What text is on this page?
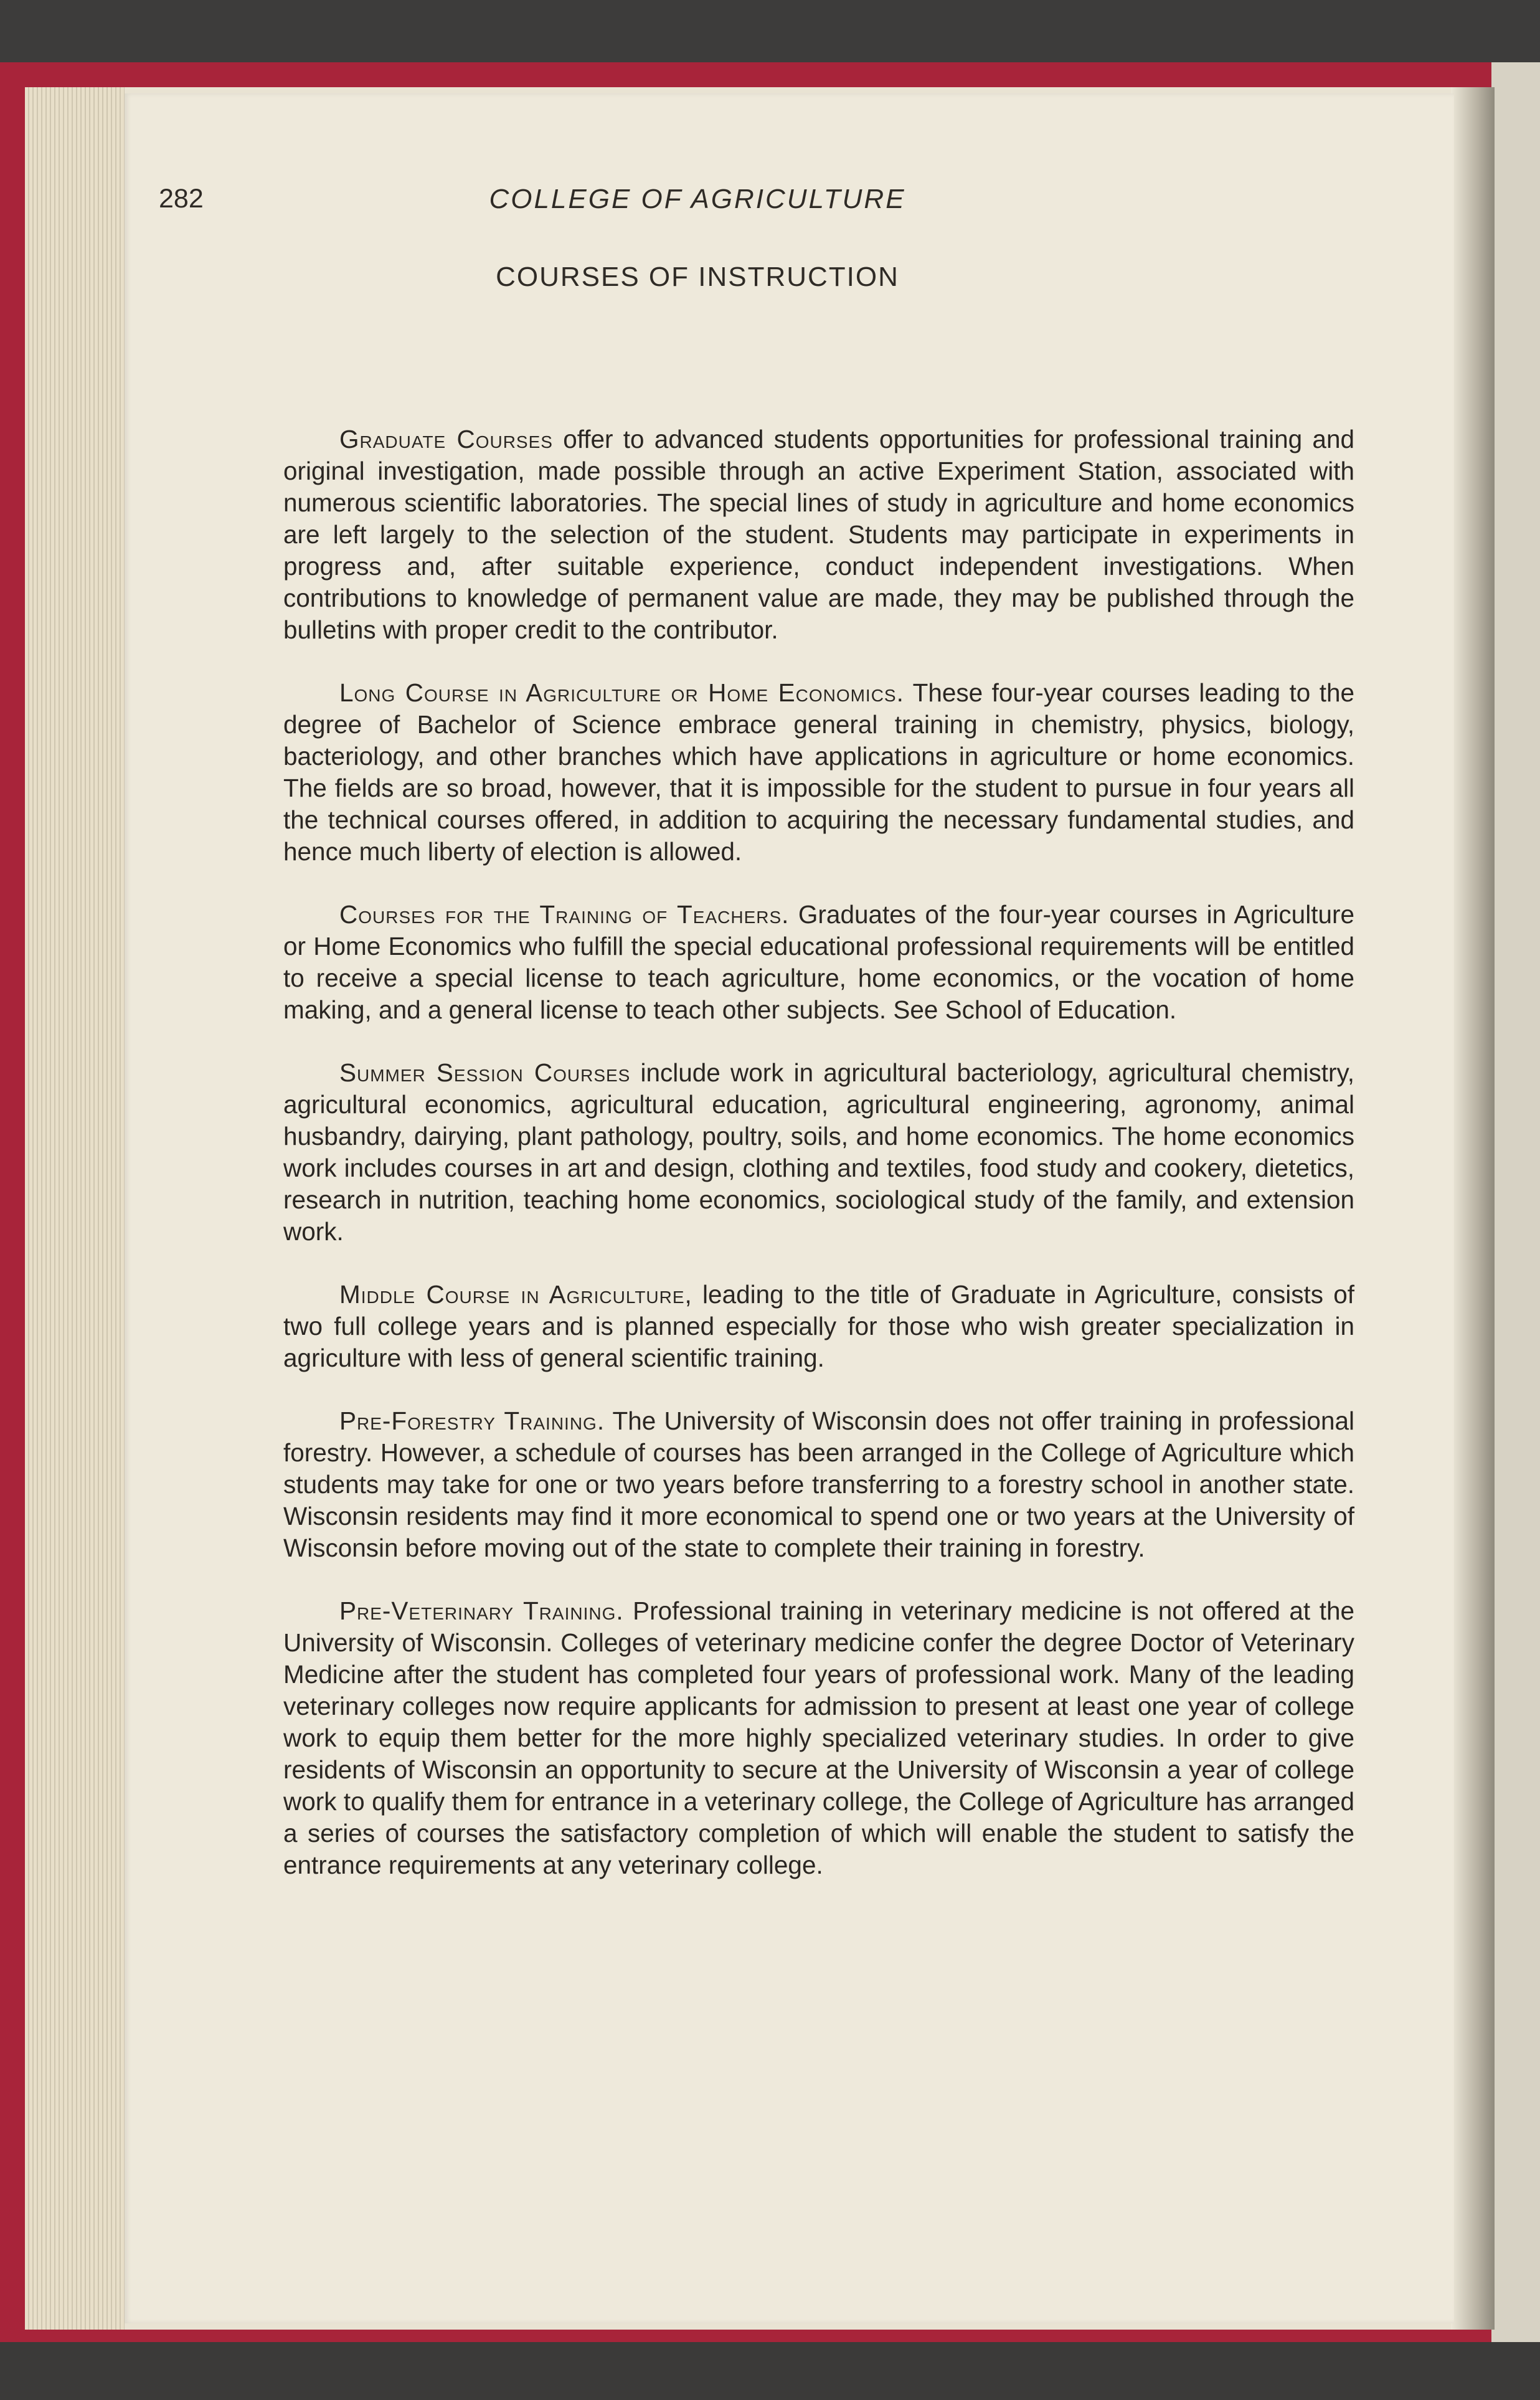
282	COLLEGE OF AGRICULTURE
COURSES OF INSTRUCTION

Graduate Courses offer to advanced students opportunities for professional training and original investigation, made possible through an active Experiment Station, associated with numerous scientific laboratories. The special lines of study in agriculture and home economics are left largely to the selection of the student. Students may participate in experiments in progress and, after suitable experience, conduct independent investigations. When contributions to knowledge of permanent value are made, they may be published through the bulletins with proper credit to the contributor.

Long Course in Agriculture or Home Economics. These four-year courses leading to the degree of Bachelor of Science embrace general training in chemistry, physics, biology, bacteriology, and other branches which have applications in agriculture or home economics. The fields are so broad, however, that it is impossible for the student to pursue in four years all the technical courses offered, in addition to acquiring the necessary fundamental studies, and hence much liberty of election is allowed.

Courses for the Training of Teachers. Graduates of the four-year courses in Agriculture or Home Economics who fulfill the special educational professional requirements will be entitled to receive a special license to teach agriculture, home economics, or the vocation of home making, and a general license to teach other subjects. See School of Education.

Summer Session Courses include work in agricultural bacteriology, agricultural chemistry, agricultural economics, agricultural education, agricultural engineering, agronomy, animal husbandry, dairying, plant pathology, poultry, soils, and home economics. The home economics work includes courses in art and design, clothing and textiles, food study and cookery, dietetics, research in nutrition, teaching home economics, sociological study of the family, and extension work.

Middle Course in Agriculture, leading to the title of Graduate in Agriculture, consists of two full college years and is planned especially for those who wish greater specialization in agriculture with less of general scientific training.

Pre-Forestry Training. The University of Wisconsin does not offer training in professional forestry. However, a schedule of courses has been arranged in the College of Agriculture which students may take for one or two years before transferring to a forestry school in another state. Wisconsin residents may find it more economical to spend one or two years at the University of Wisconsin before moving out of the state to complete their training in forestry.

Pre-Veterinary Training. Professional training in veterinary medicine is not offered at the University of Wisconsin. Colleges of veterinary medicine confer the degree Doctor of Veterinary Medicine after the student has completed four years of professional work. Many of the leading veterinary colleges now require applicants for admission to present at least one year of college work to equip them better for the more highly specialized veterinary studies. In order to give residents of Wisconsin an opportunity to secure at the University of Wisconsin a year of college work to qualify them for entrance in a veterinary college, the College of Agriculture has arranged a series of courses the satisfactory completion of which will enable the student to satisfy the entrance requirements at any veterinary college.
